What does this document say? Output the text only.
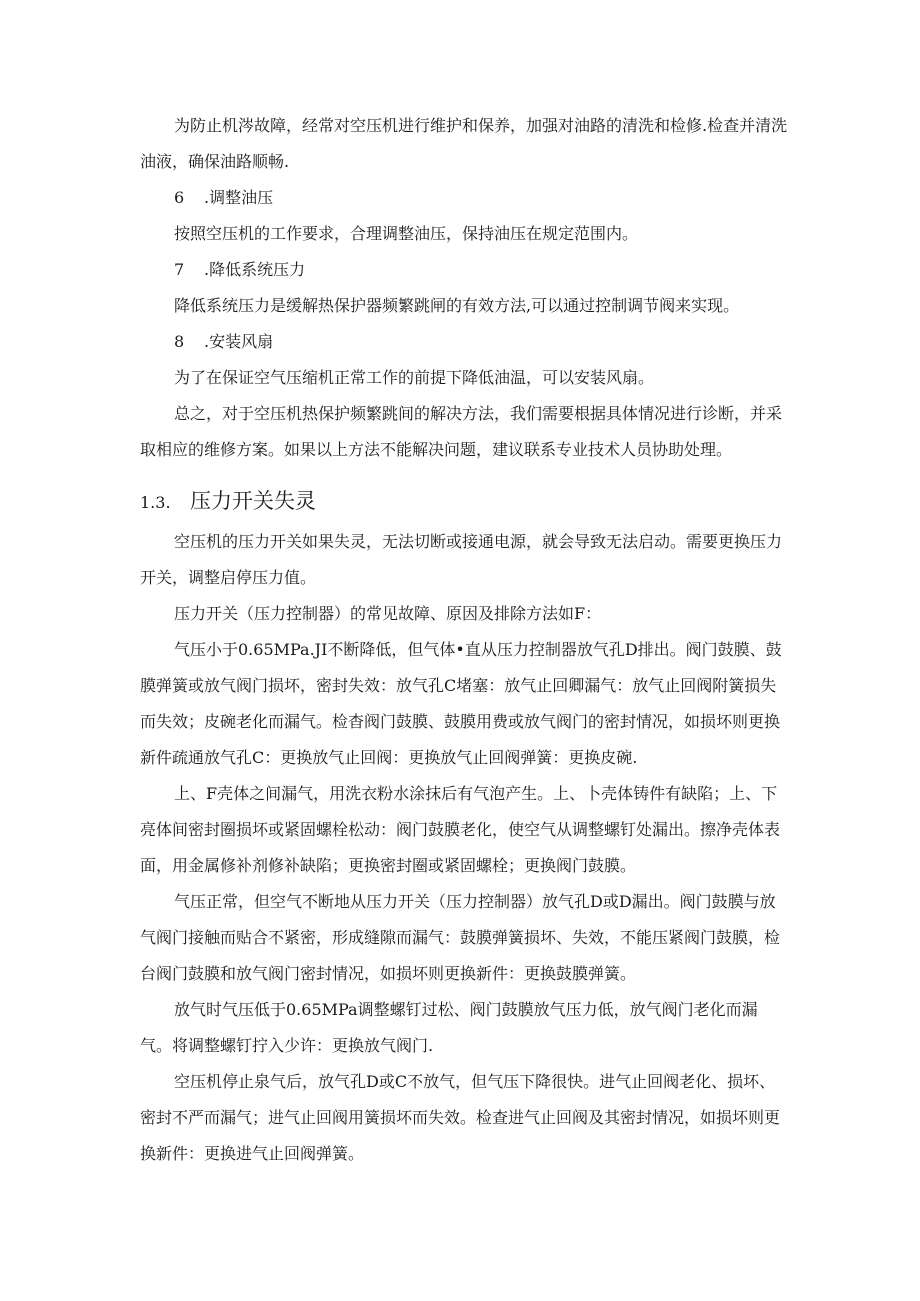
为防止机涔故障，经常对空压机进行维护和保养，加强对油路的清洗和检修.检查并清洗油液，确保油路顺畅.

6 .调整油压

按照空压机的工作要求，合理调整油压，保持油压在规定范围内。

7 .降低系统压力

降低系统压力是缓解热保护器频繁跳闸的有效方法,可以通过控制调节阀来实现。

8 .安装风扇

为了在保证空气压缩机正常工作的前提下降低油温，可以安装风扇。

总之，对于空压机热保护频繁跳间的解决方法，我们需要根据具体情况进行诊断，并采取相应的维修方案。如果以上方法不能解决问题，建议联系专业技术人员协助处理。

1.3. 压力开关失灵

空压机的压力开关如果失灵，无法切断或接通电源，就会导致无法启动。需要更换压力开关，调整启停压力值。

压力开关（压力控制器）的常见故障、原因及排除方法如F：

气压小于0.65MPa.JI不断降低，但气体•直从压力控制器放气孔D排出。阀门鼓膜、鼓膜弹簧或放气阀门损坏，密封失效：放气孔C堵塞：放气止回卿漏气：放气止回阀附簧损失而失效；皮碗老化而漏气。检杳阀门鼓膜、鼓膜用费或放气阀门的密封情况，如损坏则更换新件疏通放气孔C：更换放气止回阀：更换放气止回阀弹簧：更换皮碗.

上、F壳体之间漏气，用洗衣粉水涂抹后有气泡产生。上、卜壳体铸件有缺陷；上、下亮体间密封圈损坏或紧固螺栓松动：阀门鼓膜老化，使空气从调整螺钉处漏出。擦净壳体表面，用金属修补剂修补缺陷；更换密封圈或紧固螺栓；更换阀门鼓膜。

气压正常，但空气不断地从压力开关（压力控制器）放气孔D或D漏出。阀门鼓膜与放气阀门接触而贴合不紧密，形成缝隙而漏气：鼓膜弹簧损坏、失效，不能压紧阀门鼓膜，检台阀门鼓膜和放气阀门密封情况，如损坏则更换新件：更换鼓膜弹簧。

放气时气压低于0.65MPa调整螺钉过松、阀门鼓膜放气压力低，放气阀门老化而漏气。将调整螺钉拧入少许：更换放气阀门.

空压机停止泉气后，放气孔D或C不放气，但气压下降很快。进气止回阀老化、损坏、密封不严而漏气；进气止回阀用簧损坏而失效。检查进气止回阀及其密封情况，如损坏则更换新件：更换进气止回阀弹簧。
